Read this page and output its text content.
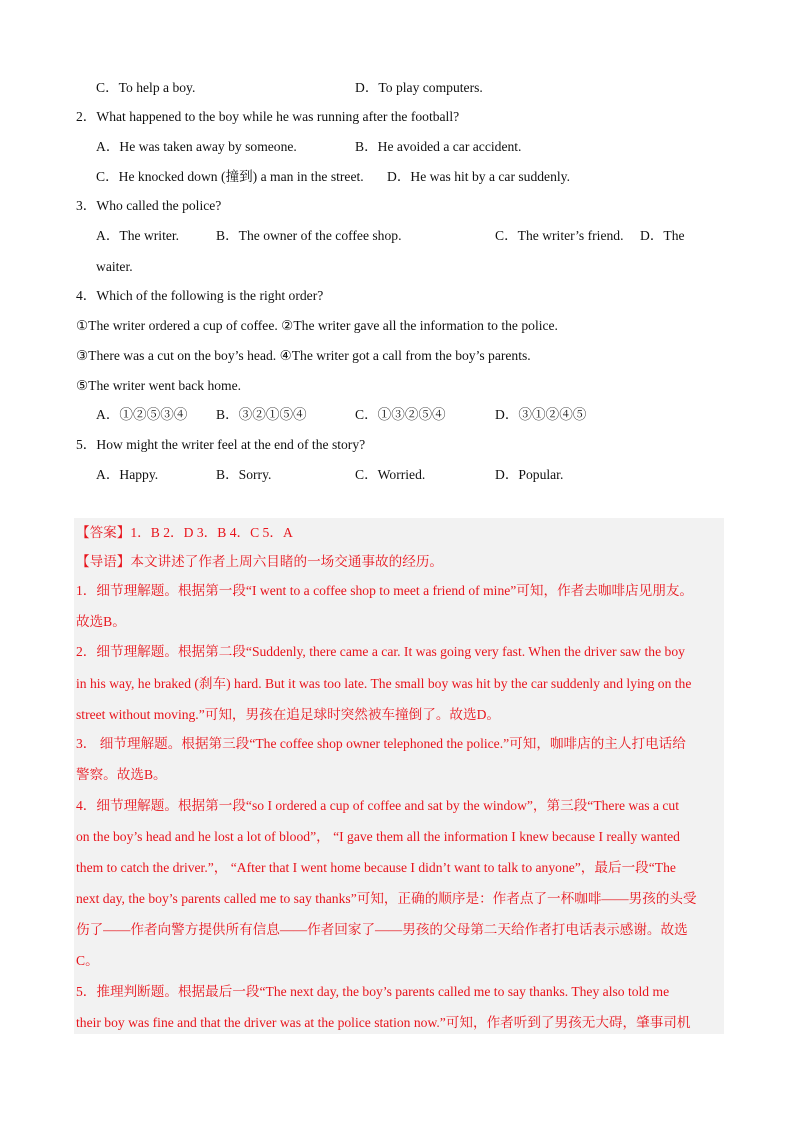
C．To help a boy.	D．To play computers.
2．What happened to the boy while he was running after the football?
A．He was taken away by someone.	B．He avoided a car accident.
C．He knocked down (撞到) a man in the street. D．He was hit by a car suddenly.
3．Who called the police?
A．The writer.	B．The owner of the coffee shop.	C．The writer’s friend. D．The
waiter.
4．Which of the following is the right order?
①The writer ordered a cup of coffee. ②The writer gave all the information to the police.
③There was a cut on the boy’s head. ④The writer got a call from the boy’s parents.
⑤The writer went back home.
A．①②⑤③④ B．③②①⑤④	C．①③②⑤④	D．③①②④⑤
5．How might the writer feel at the end of the story?
A．Happy.	B．Sorry.	C．Worried.	D．Popular.
【答案】1．B 2．D 3．B 4．C 5．A
【导语】本文讲述了作者上周六目睹的一场交通事故的经历。
1．细节理解题。根据第一段“I went to a coffee shop to meet a friend of mine”可知，作者去咖啡店见朋友。
故选B。
2．细节理解题。根据第二段“Suddenly, there came a car. It was going very fast. When the driver saw the boy
in his way, he braked (刹车) hard. But it was too late. The small boy was hit by the car suddenly and lying on the
street without moving.”可知，男孩在追足球时突然被车撞倒了。故选D。
3． 细节理解题。根据第三段“The coffee shop owner telephoned the police.”可知，咖啡店的主人打电话给
警察。故选B。
4．细节理解题。根据第一段“so I ordered a cup of coffee and sat by the window”，第三段“There was a cut
on the boy’s head and he lost a lot of blood”， “I gave them all the information I knew because I really wanted
them to catch the driver.”， “After that I went home because I didn’t want to talk to anyone”，最后一段“The
next day, the boy’s parents called me to say thanks”可知，正确的顺序是：作者点了一杯咖啡——男孩的头受
伤了——作者向警方提供所有信息——作者回家了——男孩的父母第二天给作者打电话表示感谢。故选
C。
5．推理判断题。根据最后一段“The next day, the boy’s parents called me to say thanks. They also told me
their boy was fine and that the driver was at the police station now.”可知，作者听到了男孩无大碍，肇事司机
